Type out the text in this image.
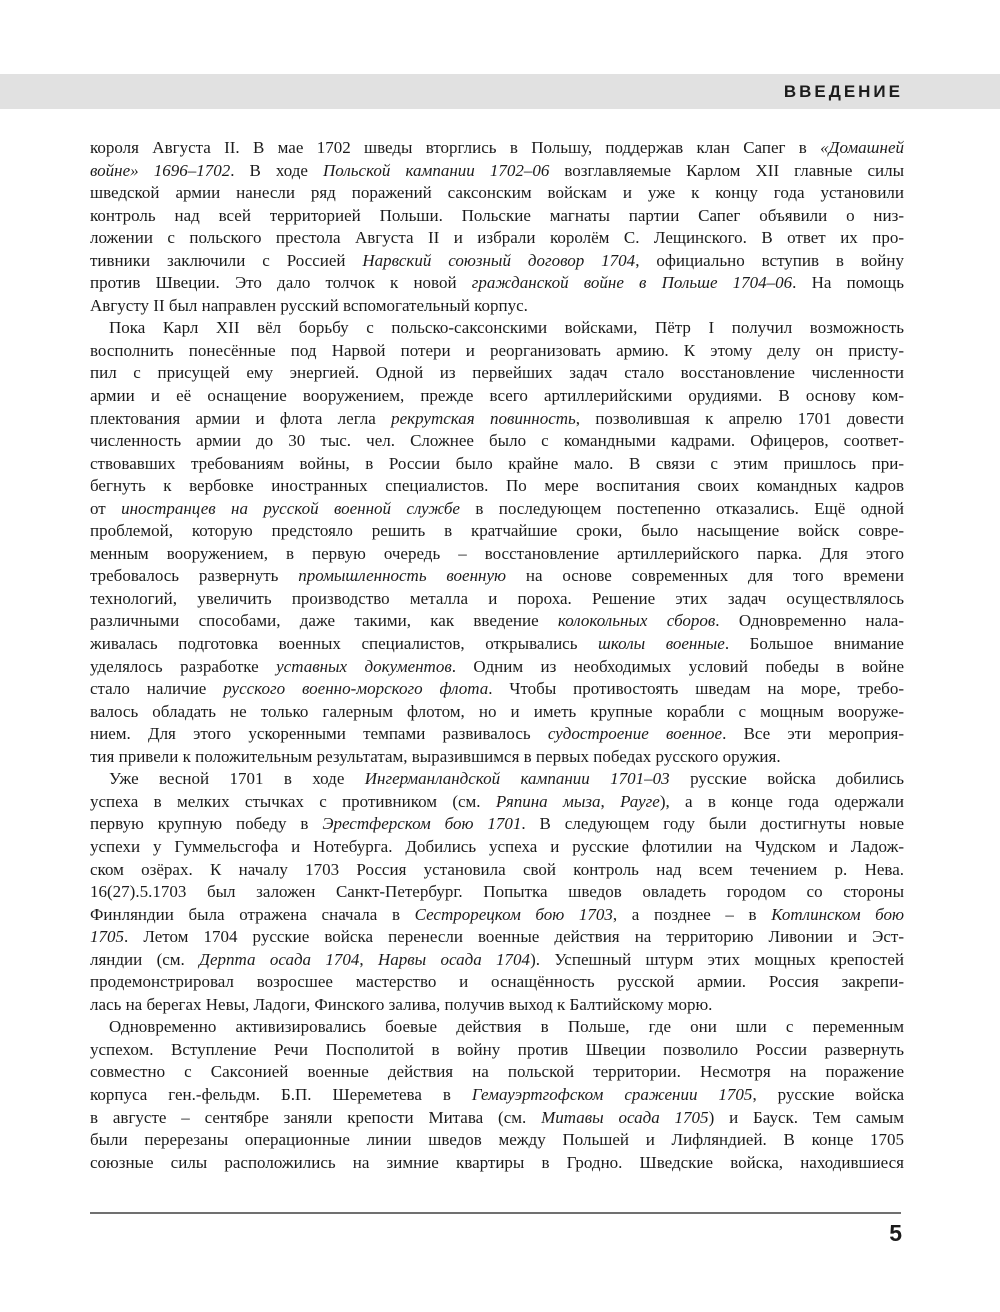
ВВЕДЕНИЕ
короля Августа II. В мае 1702 шведы вторглись в Польшу, поддержав клан Сапег в «Домашней
войне» 1696–1702. В ходе Польской кампании 1702–06 возглавляемые Карлом XII главные силы
шведской армии нанесли ряд поражений саксонским войскам и уже к концу года установили
контроль над всей территорией Польши. Польские магнаты партии Сапег объявили о низ-
ложении с польского престола Августа II и избрали королём С. Лещинского. В ответ их про-
тивники заключили с Россией Нарвский союзный договор 1704, официально вступив в войну
против Швеции. Это дало толчок к новой гражданской войне в Польше 1704–06. На помощь
Августу II был направлен русский вспомогательный корпус.
Пока Карл XII вёл борьбу с польско-саксонскими войсками, Пётр I получил возможность
восполнить понесённые под Нарвой потери и реорганизовать армию. К этому делу он присту-
пил с присущей ему энергией. Одной из первейших задач стало восстановление численности
армии и её оснащение вооружением, прежде всего артиллерийскими орудиями. В основу ком-
плектования армии и флота легла рекрутская повинность, позволившая к апрелю 1701 довести
численность армии до 30 тыс. чел. Сложнее было с командными кадрами. Офицеров, соответ-
ствовавших требованиям войны, в России было крайне мало. В связи с этим пришлось при-
бегнуть к вербовке иностранных специалистов. По мере воспитания своих командных кадров
от иностранцев на русской военной службе в последующем постепенно отказались. Ещё одной
проблемой, которую предстояло решить в кратчайшие сроки, было насыщение войск совре-
менным вооружением, в первую очередь – восстановление артиллерийского парка. Для этого
требовалось развернуть промышленность военную на основе современных для того времени
технологий, увеличить производство металла и пороха. Решение этих задач осуществлялось
различными способами, даже такими, как введение колокольных сборов. Одновременно нала-
живалась подготовка военных специалистов, открывались школы военные. Большое внимание
уделялось разработке уставных документов. Одним из необходимых условий победы в войне
стало наличие русского военно-морского флота. Чтобы противостоять шведам на море, требо-
валось обладать не только галерным флотом, но и иметь крупные корабли с мощным вооруже-
нием. Для этого ускоренными темпами развивалось судостроение военное. Все эти мероприя-
тия привели к положительным результатам, выразившимся в первых победах русского оружия.
Уже весной 1701 в ходе Ингерманландской кампании 1701–03 русские войска добились
успеха в мелких стычках с противником (см. Ряпина мыза, Рауге), а в конце года одержали
первую крупную победу в Эрестферском бою 1701. В следующем году были достигнуты новые
успехи у Гуммельсгофа и Нотебурга. Добились успеха и русские флотилии на Чудском и Ладож-
ском озёрах. К началу 1703 Россия установила свой контроль над всем течением р. Нева.
16(27).5.1703 был заложен Санкт-Петербург. Попытка шведов овладеть городом со стороны
Финляндии была отражена сначала в Сестрорецком бою 1703, а позднее – в Котлинском бою
1705. Летом 1704 русские войска перенесли военные действия на территорию Ливонии и Эст-
ляндии (см. Дерпта осада 1704, Нарвы осада 1704). Успешный штурм этих мощных крепостей
продемонстрировал возросшее мастерство и оснащённость русской армии. Россия закрепи-
лась на берегах Невы, Ладоги, Финского залива, получив выход к Балтийскому морю.
Одновременно активизировались боевые действия в Польше, где они шли с переменным
успехом. Вступление Речи Посполитой в войну против Швеции позволило России развернуть
совместно с Саксонией военные действия на польской территории. Несмотря на поражение
корпуса ген.-фельдм. Б.П. Шереметева в Гемауэртгофском сражении 1705, русские войска
в августе – сентябре заняли крепости Митава (см. Митавы осада 1705) и Бауск. Тем самым
были перерезаны операционные линии шведов между Польшей и Лифляндией. В конце 1705
союзные силы расположились на зимние квартиры в Гродно. Шведские войска, находившиеся
5
